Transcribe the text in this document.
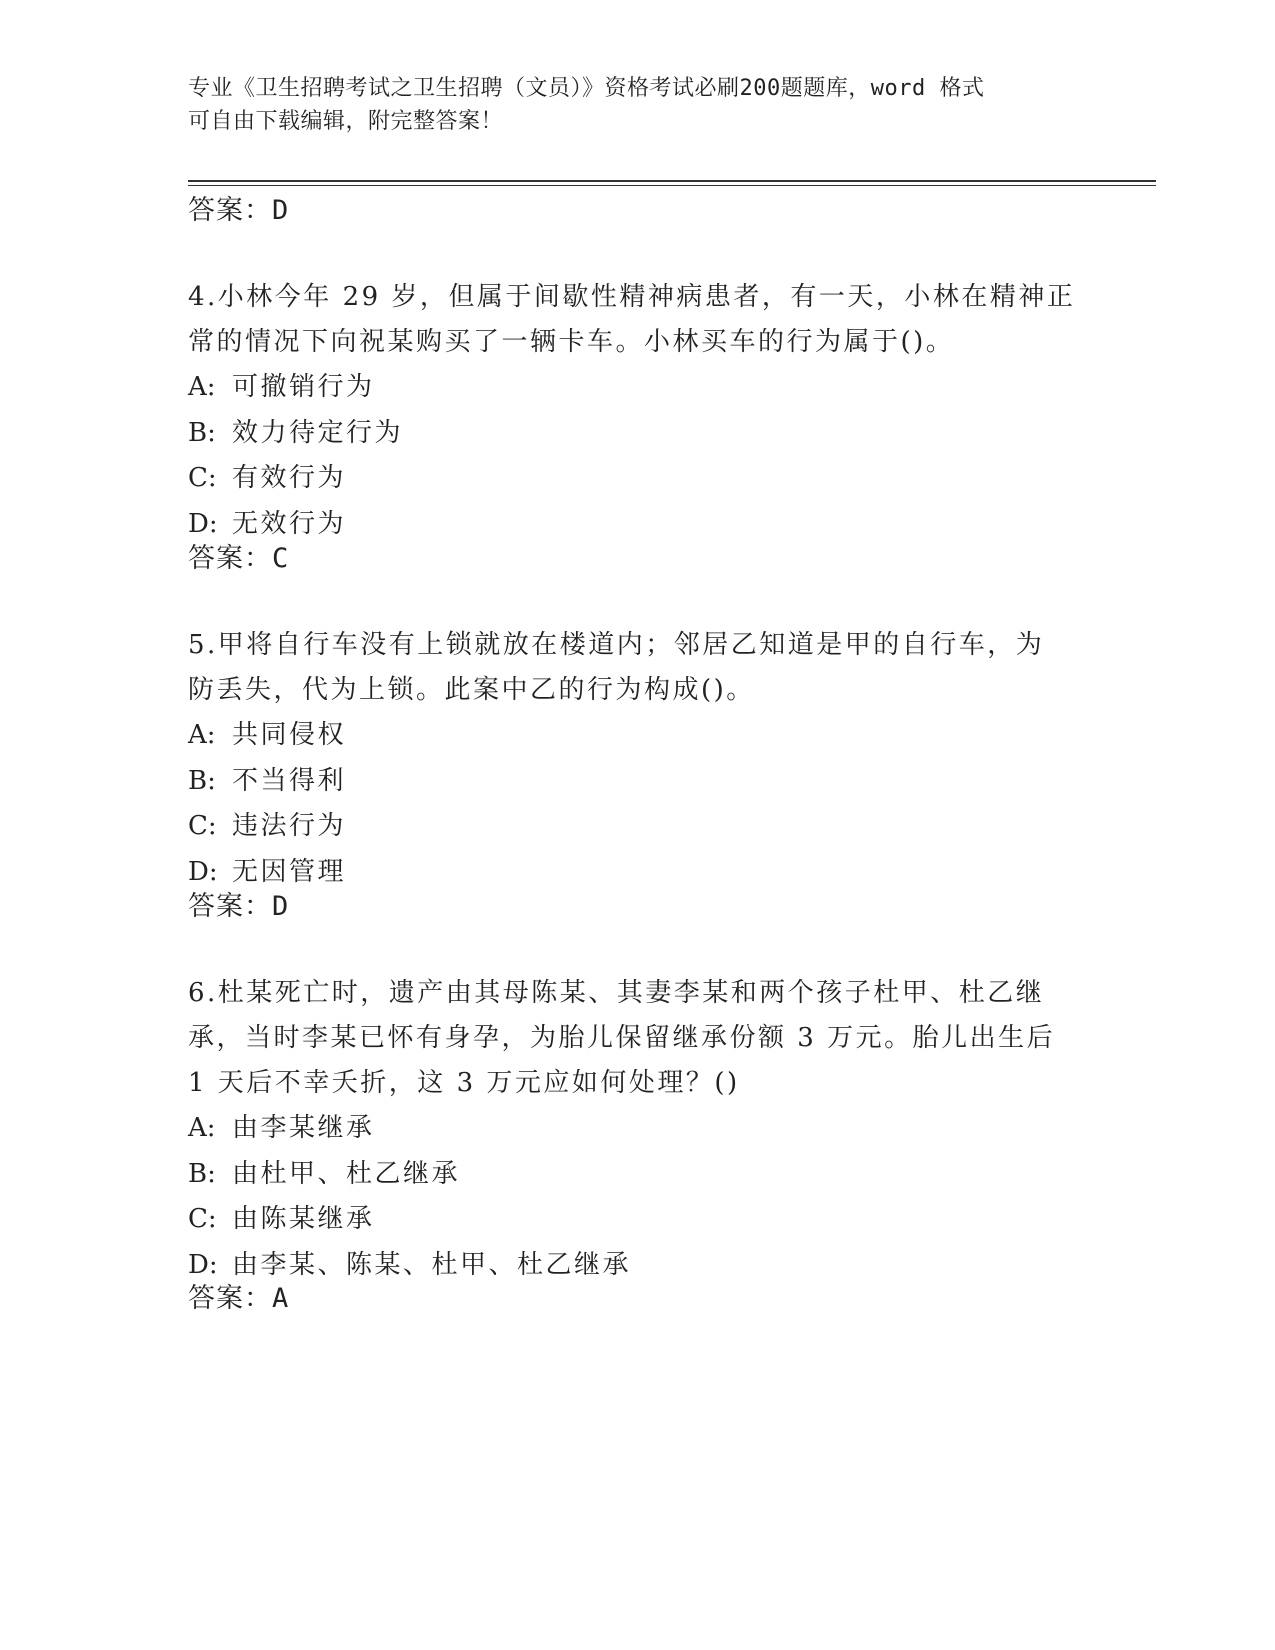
专业《卫生招聘考试之卫生招聘（文员）》资格考试必刷200题题库，word 格式
可自由下载编辑，附完整答案！
答案：D
4.小林今年 29 岁，但属于间歇性精神病患者，有一天，小林在精神正
常的情况下向祝某购买了一辆卡车。小林买车的行为属于()。
A: 可撤销行为
B: 效力待定行为
C: 有效行为
D: 无效行为
答案：C
5.甲将自行车没有上锁就放在楼道内；邻居乙知道是甲的自行车，为
防丢失，代为上锁。此案中乙的行为构成()。
A: 共同侵权
B: 不当得利
C: 违法行为
D: 无因管理
答案：D
6.杜某死亡时，遗产由其母陈某、其妻李某和两个孩子杜甲、杜乙继
承，当时李某已怀有身孕，为胎儿保留继承份额 3 万元。胎儿出生后
1 天后不幸夭折，这 3 万元应如何处理？()
A: 由李某继承
B: 由杜甲、杜乙继承
C: 由陈某继承
D: 由李某、陈某、杜甲、杜乙继承
答案：A
